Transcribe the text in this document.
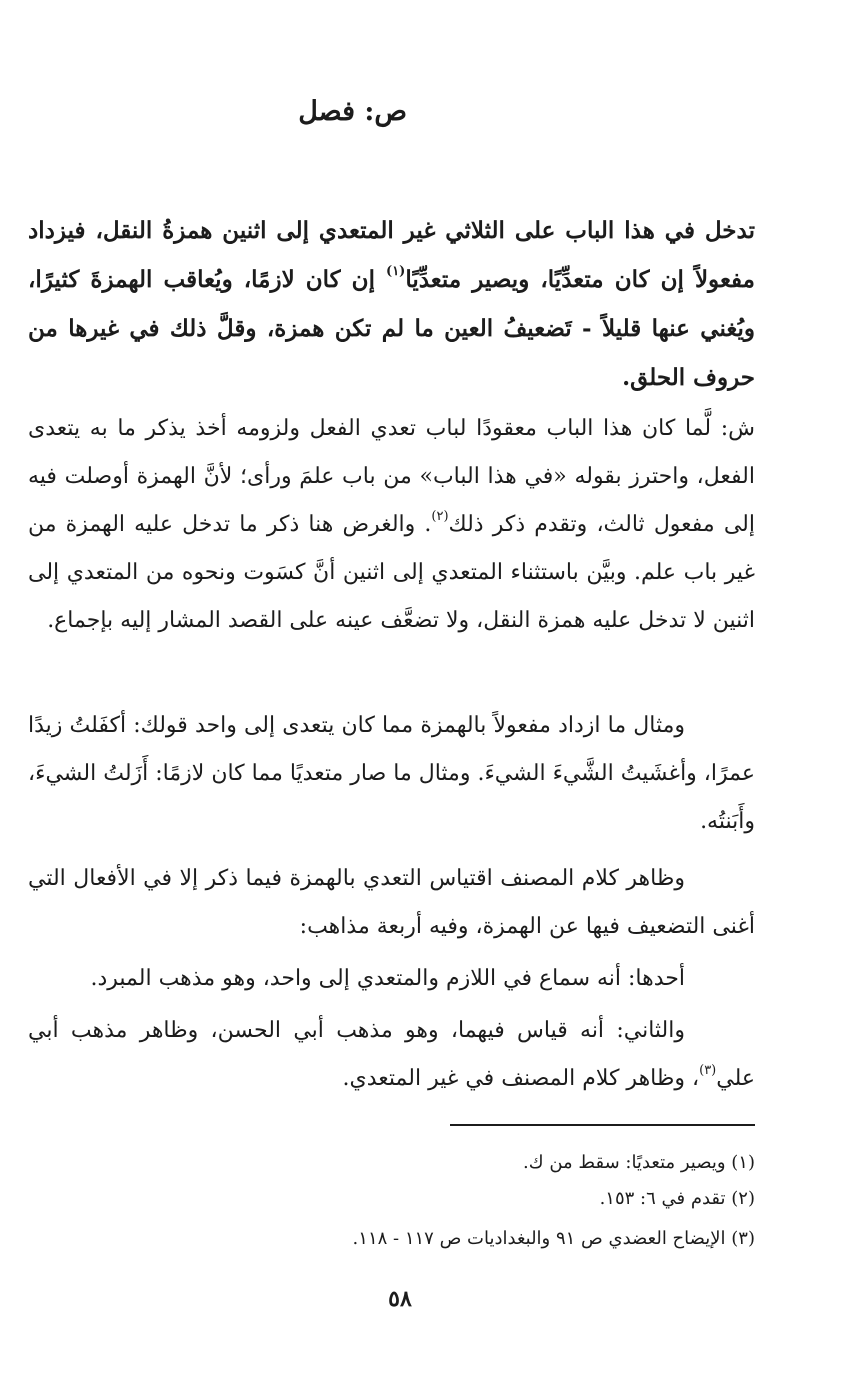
ص: فصل

تدخل في هذا الباب على الثلاثي غير المتعدي إلى اثنين همزةُ النقل، فيزداد مفعولاً إن كان متعدِّيًا، ويصير متعدِّيًا$^{(١)}$ إن كان لازمًا، ويُعاقب الهمزةَ كثيرًا، ويُغني عنها قليلاً - تَضعيفُ العين ما لم تكن همزة، وقلَّ ذلك في غيرها من حروف الحلق.

ش: لَّما كان هذا الباب معقودًا لباب تعدي الفعل ولزومه أخذ يذكر ما به يتعدى الفعل، واحترز بقوله «في هذا الباب» من باب علمَ ورأى؛ لأنَّ الهمزة أوصلت فيه إلى مفعول ثالث، وتقدم ذكر ذلك$^{(٢)}$. والغرض هنا ذكر ما تدخل عليه الهمزة من غير باب علم. وبيَّن باستثناء المتعدي إلى اثنين أنَّ كسَوت ونحوه من المتعدي إلى اثنين لا تدخل عليه همزة النقل، ولا تضعَّف عينه على القصد المشار إليه بإجماع.

ومثال ما ازداد مفعولاً بالهمزة مما كان يتعدى إلى واحد قولك: أكفَلتُ زيدًا عمرًا، وأغشَيتُ الشَّيءَ الشيءَ. ومثال ما صار متعديًا مما كان لازمًا: أَزَلتُ الشيءَ، وأَبَنتُه.

وظاهر كلام المصنف اقتياس التعدي بالهمزة فيما ذكر إلا في الأفعال التي أغنى التضعيف فيها عن الهمزة، وفيه أربعة مذاهب:

أحدها: أنه سماع في اللازم والمتعدي إلى واحد، وهو مذهب المبرد.

والثاني: أنه قياس فيهما، وهو مذهب أبي الحسن، وظاهر مذهب أبي علي$^{(٣)}$، وظاهر كلام المصنف في غير المتعدي.

(١) ويصير متعديًا: سقط من ك.

(٢) تقدم في ٦: ١٥٣.

(٣) الإيضاح العضدي ص ٩١ والبغداديات ص ١١٧ - ١١٨.

٥٨
